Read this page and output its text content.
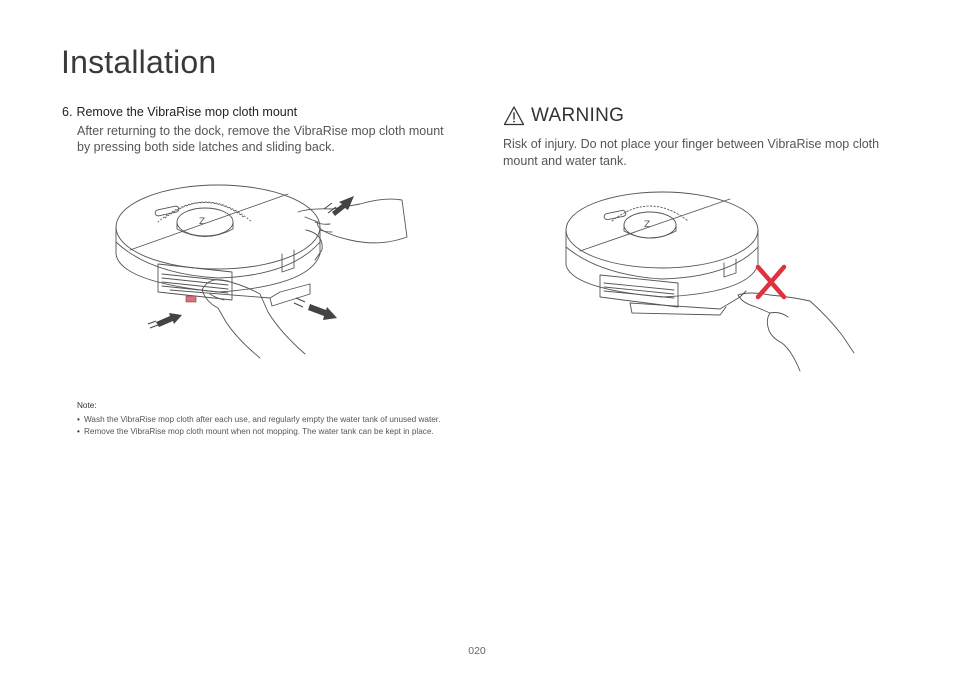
Installation
6. Remove the VibraRise mop cloth mount
After returning to the dock, remove the VibraRise mop cloth mount by pressing both side latches and sliding back.
WARNING
Risk of injury. Do not place your finger between VibraRise mop cloth mount and water tank.
Z	Z
Note:
• Wash the VibraRise mop cloth after each use, and regularly empty the water tank of unused water.
• Remove the VibraRise mop cloth mount when not mopping. The water tank can be kept in place.
020
